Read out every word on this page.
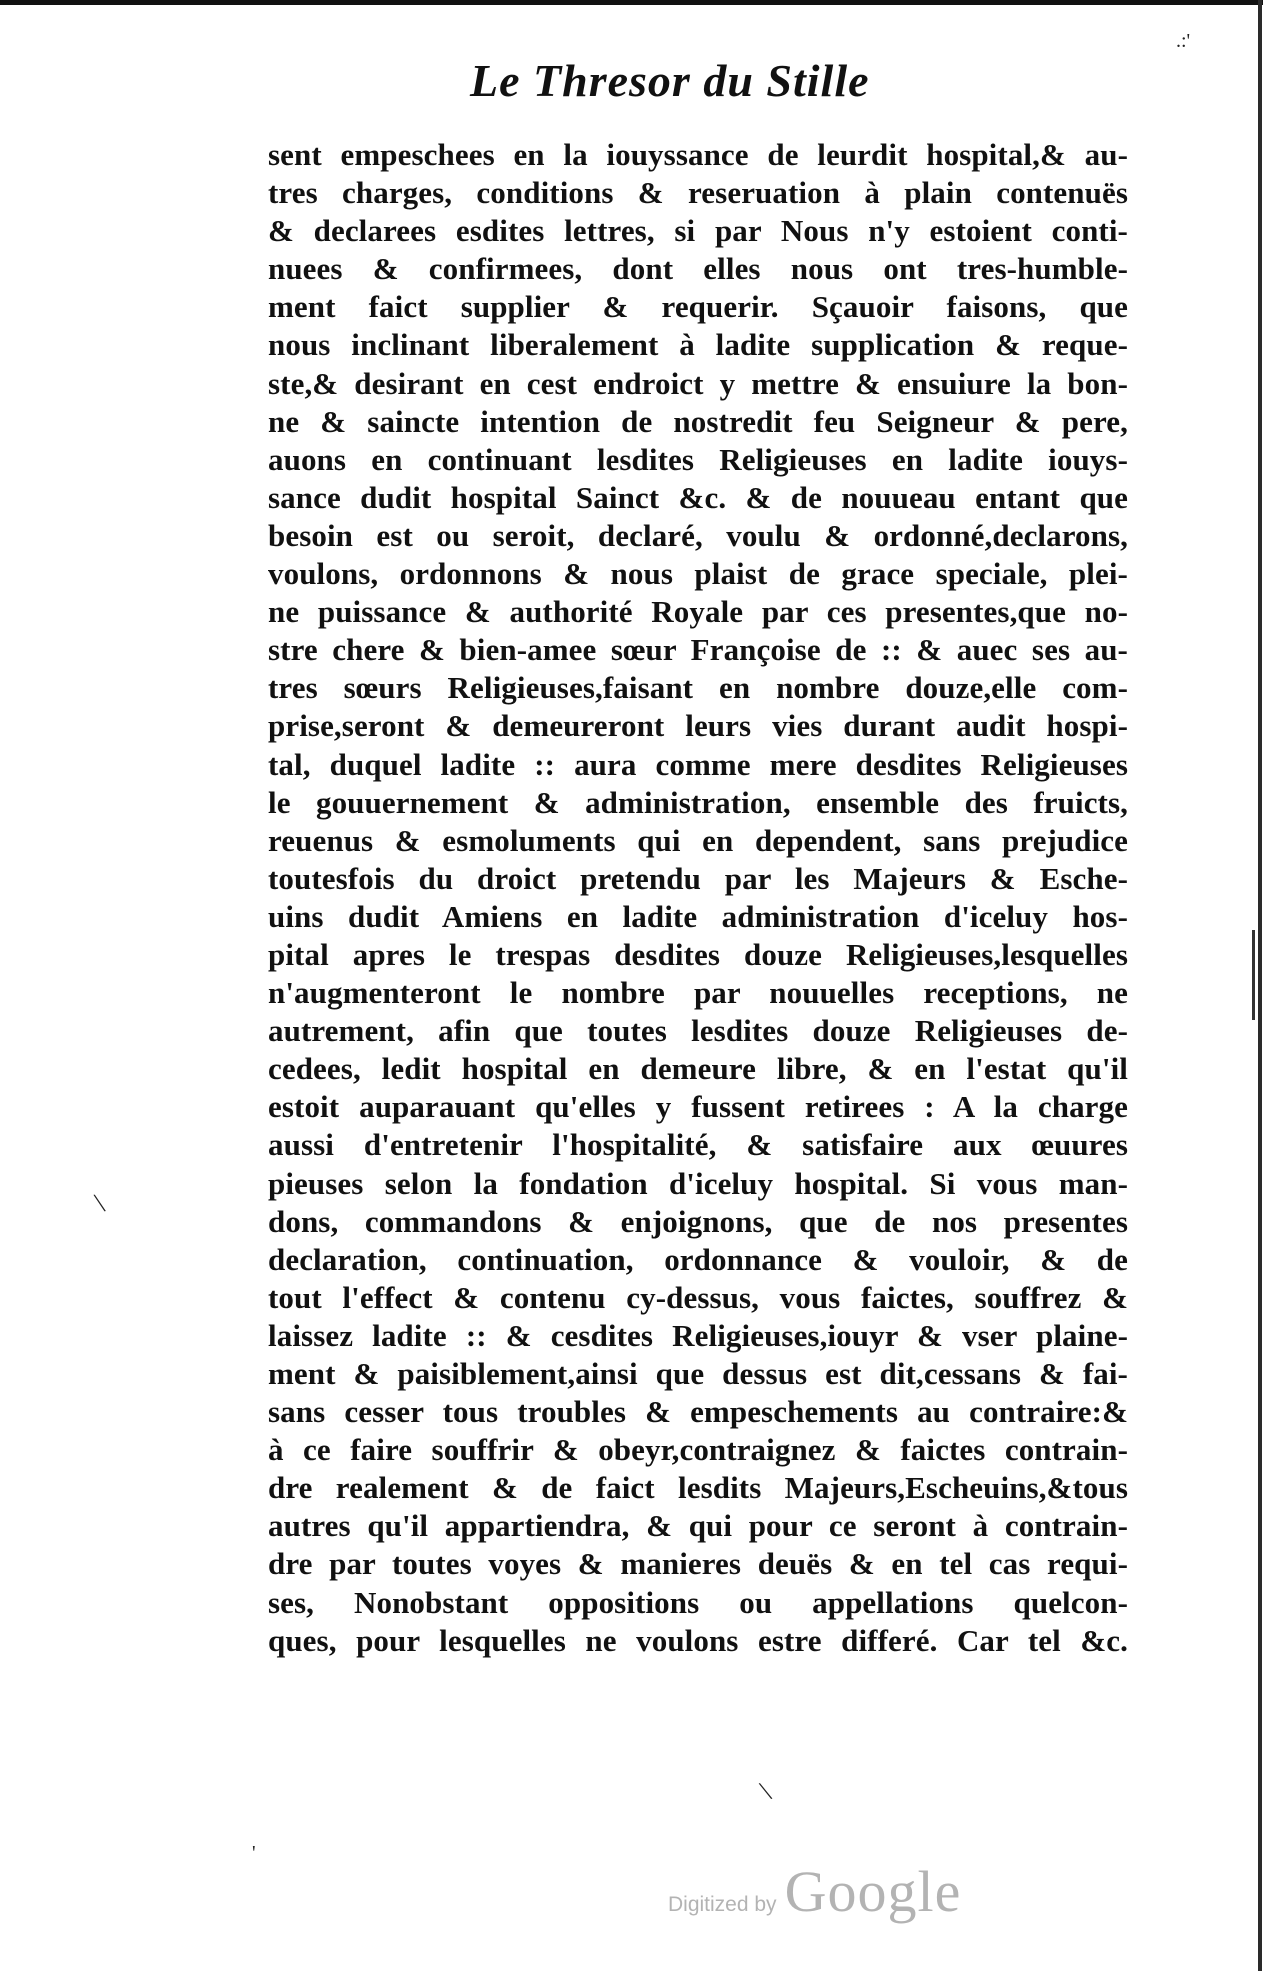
Le Thresor du Stille
sent empeschees en la iouyssance de leurdit hospital,& au-
tres charges, conditions & reseruation à plain contenuës
& declarees esdites lettres, si par Nous n'y estoient conti-
nuees & confirmees, dont elles nous ont tres-humble-
ment faict supplier & requerir. Sçauoir faisons, que
nous inclinant liberalement à ladite supplication & reque-
ste,& desirant en cest endroict y mettre & ensuiure la bon-
ne & saincte intention de nostredit feu Seigneur & pere,
auons en continuant lesdites Religieuses en ladite iouys-
sance dudit hospital Sainct &c. & de nouueau entant que
besoin est ou seroit, declaré, voulu & ordonné,declarons,
voulons, ordonnons & nous plaist de grace speciale, plei-
ne puissance & authorité Royale par ces presentes,que no-
stre chere & bien-amee sœur Françoise de :: & auec ses au-
tres sœurs Religieuses,faisant en nombre douze,elle com-
prise,seront & demeureront leurs vies durant audit hospi-
tal, duquel ladite :: aura comme mere desdites Religieuses
le gouuernement & administration, ensemble des fruicts,
reuenus & esmoluments qui en dependent, sans prejudice
toutesfois du droict pretendu par les Majeurs & Esche-
uins dudit Amiens en ladite administration d'iceluy hos-
pital apres le trespas desdites douze Religieuses,lesquelles
n'augmenteront le nombre par nouuelles receptions, ne
autrement, afin que toutes lesdites douze Religieuses de-
cedees, ledit hospital en demeure libre, & en l'estat qu'il
estoit auparauant qu'elles y fussent retirees : A la charge
aussi d'entretenir l'hospitalité, & satisfaire aux œuures
pieuses selon la fondation d'iceluy hospital. Si vous man-
dons, commandons & enjoignons, que de nos presentes
declaration, continuation, ordonnance & vouloir, & de
tout l'effect & contenu cy-dessus, vous faictes, souffrez &
laissez ladite :: & cesdites Religieuses,iouyr & vser plaine-
ment & paisiblement,ainsi que dessus est dit,cessans & fai-
sans cesser tous troubles & empeschements au contraire:&
à ce faire souffrir & obeyr,contraignez & faictes contrain-
dre realement & de faict lesdits Majeurs,Escheuins,&tous
autres qu'il appartiendra, & qui pour ce seront à contrain-
dre par toutes voyes & manieres deuës & en tel cas requi-
ses, Nonobstant oppositions ou appellations quelcon-
ques, pour lesquelles ne voulons estre differé. Car tel &c.
\
\
'
.:'
Digitized by Google
